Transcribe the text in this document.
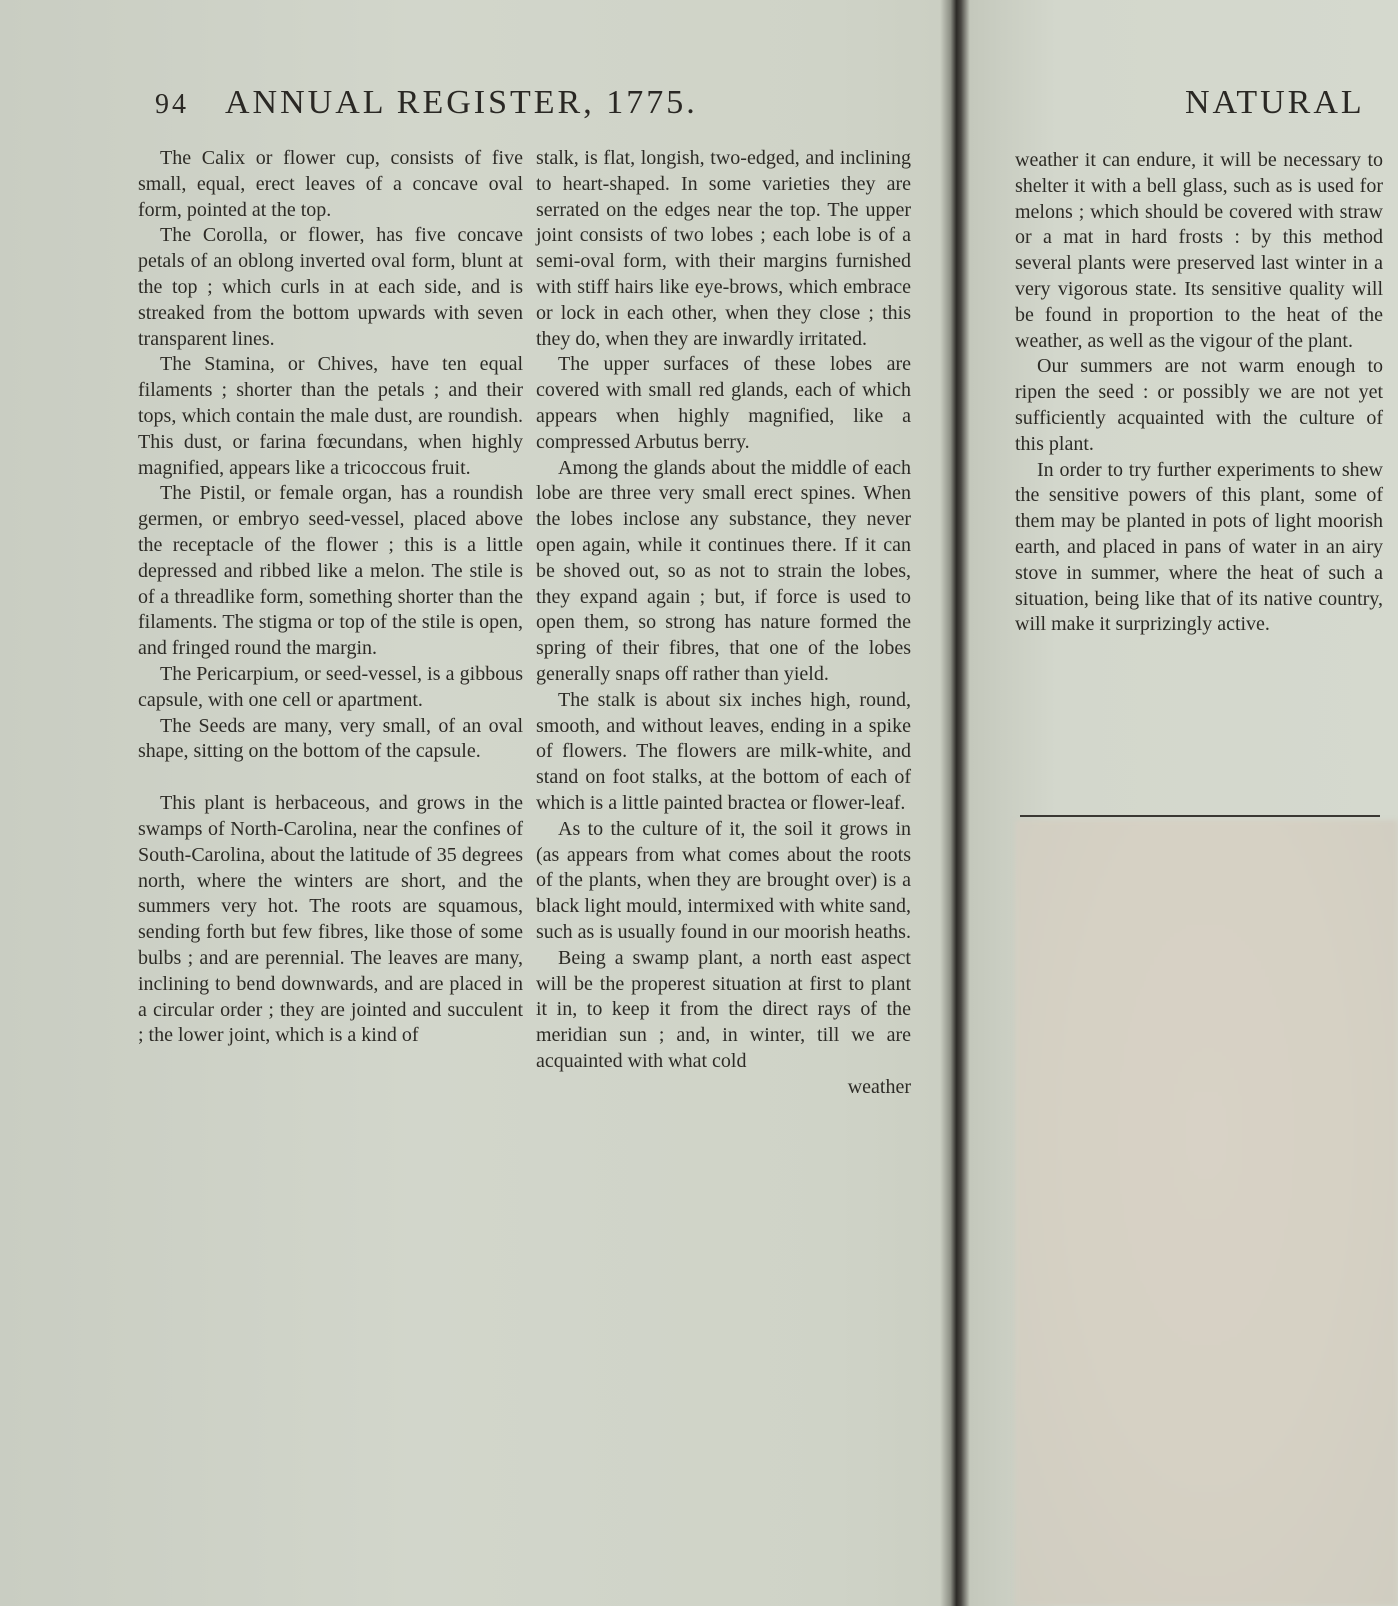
94 ANNUAL REGISTER, 1775.	NATURAL

The Calix or flower cup, consists of five small, equal, erect leaves of a concave oval form, pointed at the top.

The Corolla, or flower, has five concave petals of an oblong inverted oval form, blunt at the top ; which curls in at each side, and is streaked from the bottom upwards with seven transparent lines.

The Stamina, or Chives, have ten equal filaments ; shorter than the petals ; and their tops, which contain the male dust, are roundish. This dust, or farina fœcundans, when highly magnified, appears like a tricoccous fruit.

The Pistil, or female organ, has a roundish germen, or embryo seed-vessel, placed above the receptacle of the flower ; this is a little depressed and ribbed like a melon. The stile is of a threadlike form, something shorter than the filaments. The stigma or top of the stile is open, and fringed round the margin.

The Pericarpium, or seed-vessel, is a gibbous capsule, with one cell or apartment.

The Seeds are many, very small, of an oval shape, sitting on the bottom of the capsule.

This plant is herbaceous, and grows in the swamps of North-Carolina, near the confines of South-Carolina, about the latitude of 35 degrees north, where the winters are short, and the summers very hot. The roots are squamous, sending forth but few fibres, like those of some bulbs ; and are perennial. The leaves are many, inclining to bend downwards, and are placed in a circular order ; they are jointed and succulent ; the lower joint, which is a kind of

stalk, is flat, longish, two-edged, and inclining to heart-shaped. In some varieties they are serrated on the edges near the top. The upper joint consists of two lobes ; each lobe is of a semi-oval form, with their margins furnished with stiff hairs like eye-brows, which embrace or lock in each other, when they close ; this they do, when they are inwardly irritated.

The upper surfaces of these lobes are covered with small red glands, each of which appears when highly magnified, like a compressed Arbutus berry.

Among the glands about the middle of each lobe are three very small erect spines. When the lobes inclose any substance, they never open again, while it continues there. If it can be shoved out, so as not to strain the lobes, they expand again ; but, if force is used to open them, so strong has nature formed the spring of their fibres, that one of the lobes generally snaps off rather than yield.

The stalk is about six inches high, round, smooth, and without leaves, ending in a spike of flowers. The flowers are milk-white, and stand on foot stalks, at the bottom of each of which is a little painted bractea or flower-leaf.

As to the culture of it, the soil it grows in (as appears from what comes about the roots of the plants, when they are brought over) is a black light mould, intermixed with white sand, such as is usually found in our moorish heaths.

Being a swamp plant, a north east aspect will be the properest situation at first to plant it in, to keep it from the direct rays of the meridian sun ; and, in winter, till we are acquainted with what cold

weather

weather it can endure, it will be necessary to shelter it with a bell glass, such as is used for melons ; which should be covered with straw or a mat in hard frosts : by this method several plants were preserved last winter in a very vigorous state. Its sensitive quality will be found in proportion to the heat of the weather, as well as the vigour of the plant.

Our summers are not warm enough to ripen the seed : or possibly we are not yet sufficiently acquainted with the culture of this plant.

In order to try further experiments to shew the sensitive powers of this plant, some of them may be planted in pots of light moorish earth, and placed in pans of water in an airy stove in summer, where the heat of such a situation, being like that of its native country, will make it surprizingly active.
